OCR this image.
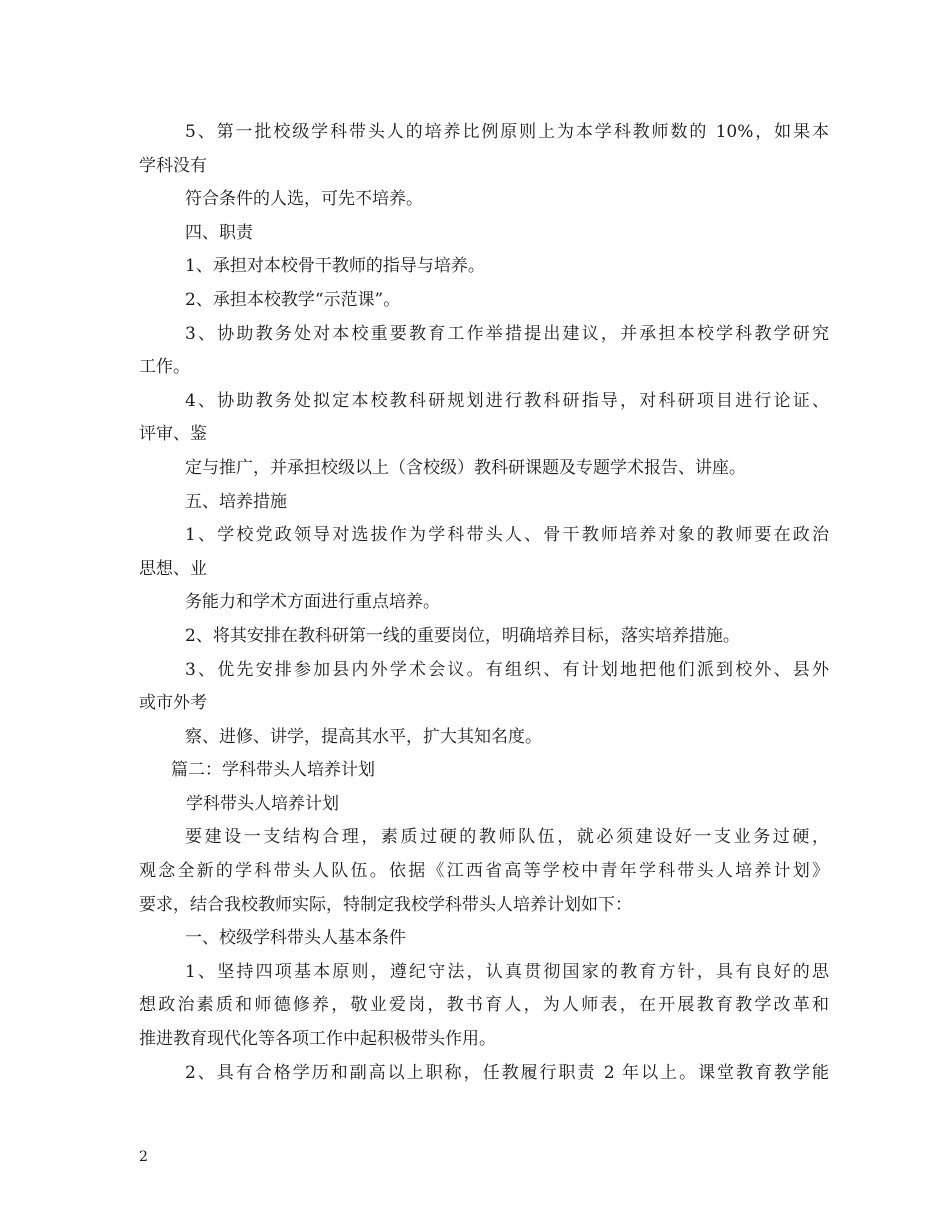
5、第一批校级学科带头人的培养比例原则上为本学科教师数的 10%，如果本
学科没有
符合条件的人选，可先不培养。
四、职责
1、承担对本校骨干教师的指导与培养。
2、承担本校教学“示范课”。
3、协助教务处对本校重要教育工作举措提出建议，并承担本校学科教学研究
工作。
4、协助教务处拟定本校教科研规划进行教科研指导，对科研项目进行论证、
评审、鉴
定与推广，并承担校级以上（含校级）教科研课题及专题学术报告、讲座。
五、培养措施
1、学校党政领导对选拔作为学科带头人、骨干教师培养对象的教师要在政治
思想、业
务能力和学术方面进行重点培养。
2、将其安排在教科研第一线的重要岗位，明确培养目标，落实培养措施。
3、优先安排参加县内外学术会议。有组织、有计划地把他们派到校外、县外
或市外考
察、进修、讲学，提高其水平，扩大其知名度。
篇二：学科带头人培养计划
学科带头人培养计划
要建设一支结构合理，素质过硬的教师队伍，就必须建设好一支业务过硬，
观念全新的学科带头人队伍。依据《江西省高等学校中青年学科带头人培养计划》
要求，结合我校教师实际，特制定我校学科带头人培养计划如下：
一、校级学科带头人基本条件
1、坚持四项基本原则，遵纪守法，认真贯彻国家的教育方针，具有良好的思
想政治素质和师德修养，敬业爱岗，教书育人，为人师表，在开展教育教学改革和
推进教育现代化等各项工作中起积极带头作用。
2、具有合格学历和副高以上职称，任教履行职责 2 年以上。课堂教育教学能
2
